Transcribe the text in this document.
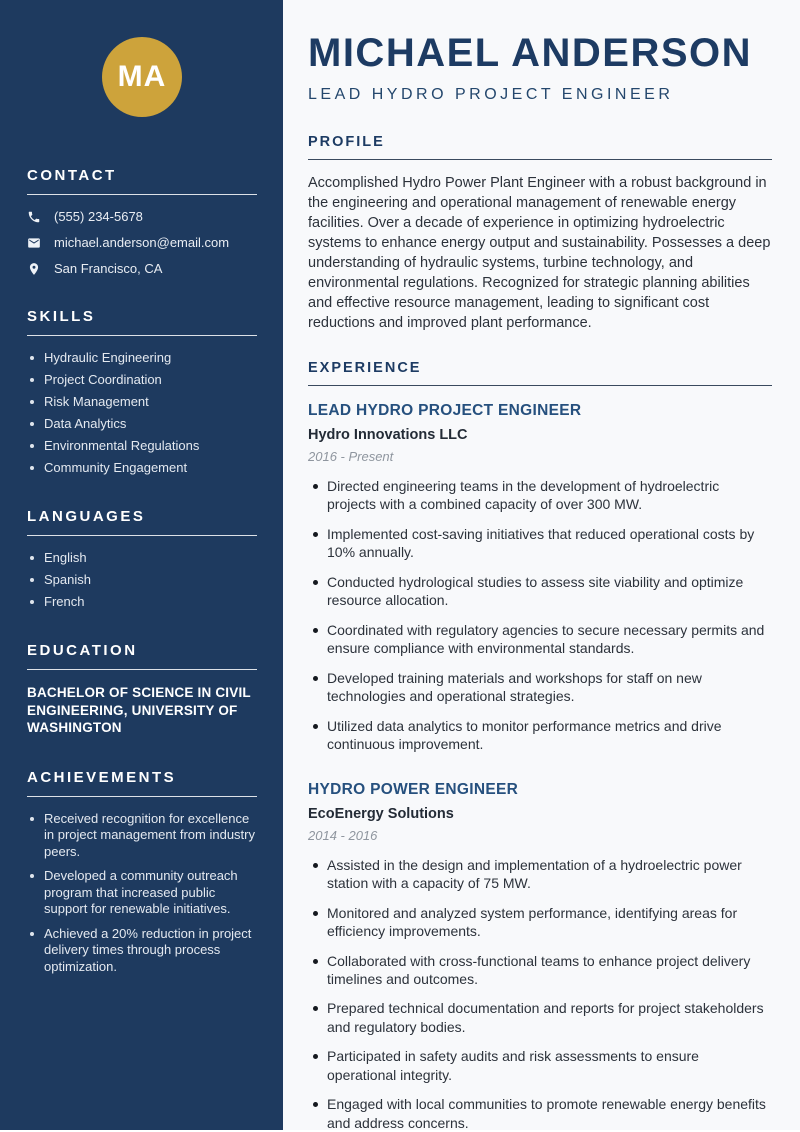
MA
CONTACT
(555) 234-5678
michael.anderson@email.com
San Francisco, CA
SKILLS
Hydraulic Engineering
Project Coordination
Risk Management
Data Analytics
Environmental Regulations
Community Engagement
LANGUAGES
English
Spanish
French
EDUCATION

BACHELOR OF SCIENCE IN CIVIL ENGINEERING, UNIVERSITY OF WASHINGTON

ACHIEVEMENTS
Received recognition for excellence in project management from industry peers.
Developed a community outreach program that increased public support for renewable initiatives.
Achieved a 20% reduction in project delivery times through process optimization.
MICHAEL ANDERSON
LEAD HYDRO PROJECT ENGINEER
PROFILE

Accomplished Hydro Power Plant Engineer with a robust background in the engineering and operational management of renewable energy facilities. Over a decade of experience in optimizing hydroelectric systems to enhance energy output and sustainability. Possesses a deep understanding of hydraulic systems, turbine technology, and environmental regulations. Recognized for strategic planning abilities and effective resource management, leading to significant cost reductions and improved plant performance.

EXPERIENCE
LEAD HYDRO PROJECT ENGINEER
Hydro Innovations LLC
2016 - Present
Directed engineering teams in the development of hydroelectric projects with a combined capacity of over 300 MW.
Implemented cost-saving initiatives that reduced operational costs by 10% annually.
Conducted hydrological studies to assess site viability and optimize resource allocation.
Coordinated with regulatory agencies to secure necessary permits and ensure compliance with environmental standards.
Developed training materials and workshops for staff on new technologies and operational strategies.
Utilized data analytics to monitor performance metrics and drive continuous improvement.
HYDRO POWER ENGINEER
EcoEnergy Solutions
2014 - 2016
Assisted in the design and implementation of a hydroelectric power station with a capacity of 75 MW.
Monitored and analyzed system performance, identifying areas for efficiency improvements.
Collaborated with cross-functional teams to enhance project delivery timelines and outcomes.
Prepared technical documentation and reports for project stakeholders and regulatory bodies.
Participated in safety audits and risk assessments to ensure operational integrity.
Engaged with local communities to promote renewable energy benefits and address concerns.
